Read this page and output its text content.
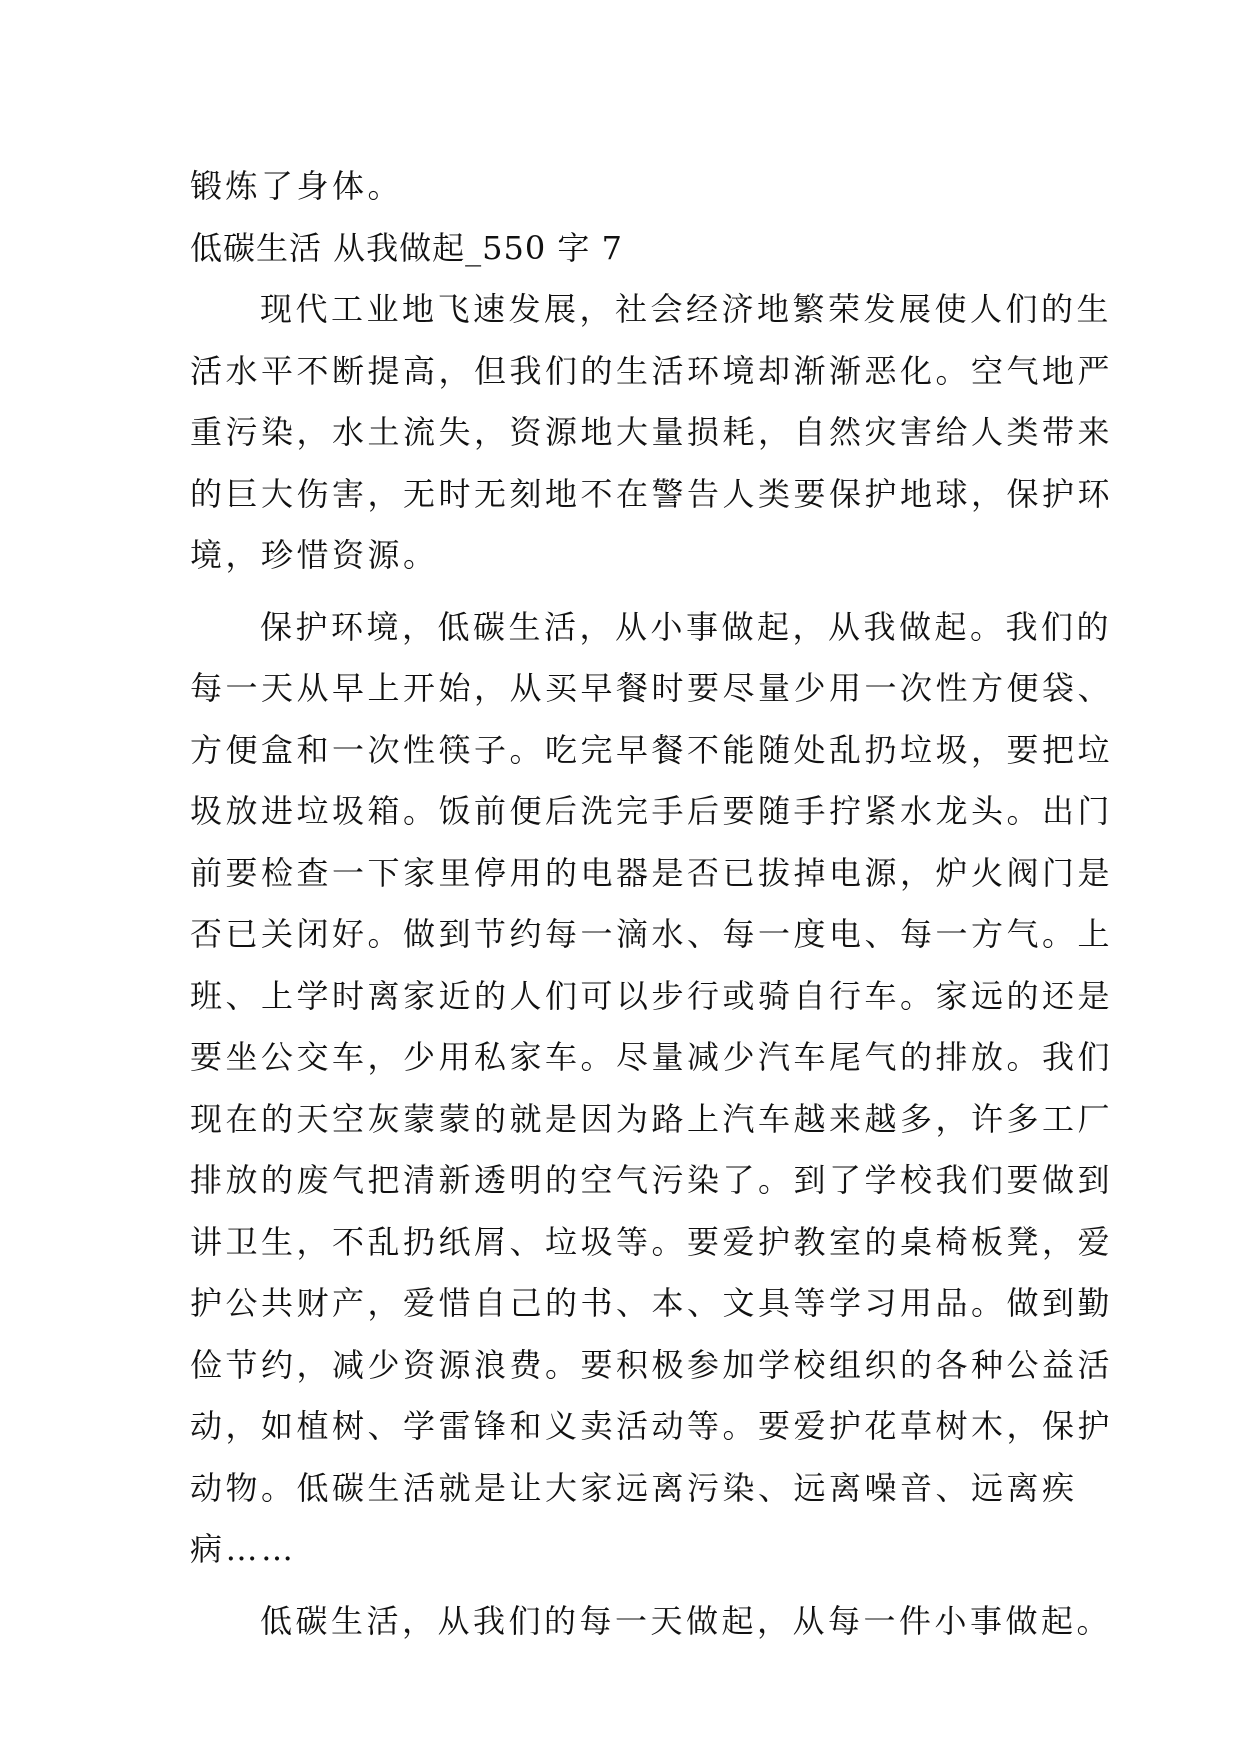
锻炼了身体。
低碳生活 从我做起_550 字 7
现代工业地飞速发展，社会经济地繁荣发展使人们的生
活水平不断提高，但我们的生活环境却渐渐恶化。空气地严
重污染，水土流失，资源地大量损耗，自然灾害给人类带来
的巨大伤害，无时无刻地不在警告人类要保护地球，保护环
境，珍惜资源。
保护环境，低碳生活，从小事做起，从我做起。我们的
每一天从早上开始，从买早餐时要尽量少用一次性方便袋、
方便盒和一次性筷子。吃完早餐不能随处乱扔垃圾，要把垃
圾放进垃圾箱。饭前便后洗完手后要随手拧紧水龙头。出门
前要检查一下家里停用的电器是否已拔掉电源，炉火阀门是
否已关闭好。做到节约每一滴水、每一度电、每一方气。上
班、上学时离家近的人们可以步行或骑自行车。家远的还是
要坐公交车，少用私家车。尽量减少汽车尾气的排放。我们
现在的天空灰蒙蒙的就是因为路上汽车越来越多，许多工厂
排放的废气把清新透明的空气污染了。到了学校我们要做到
讲卫生，不乱扔纸屑、垃圾等。要爱护教室的桌椅板凳，爱
护公共财产，爱惜自己的书、本、文具等学习用品。做到勤
俭节约，减少资源浪费。要积极参加学校组织的各种公益活
动，如植树、学雷锋和义卖活动等。要爱护花草树木，保护
动物。低碳生活就是让大家远离污染、远离噪音、远离疾
病……
低碳生活，从我们的每一天做起，从每一件小事做起。
